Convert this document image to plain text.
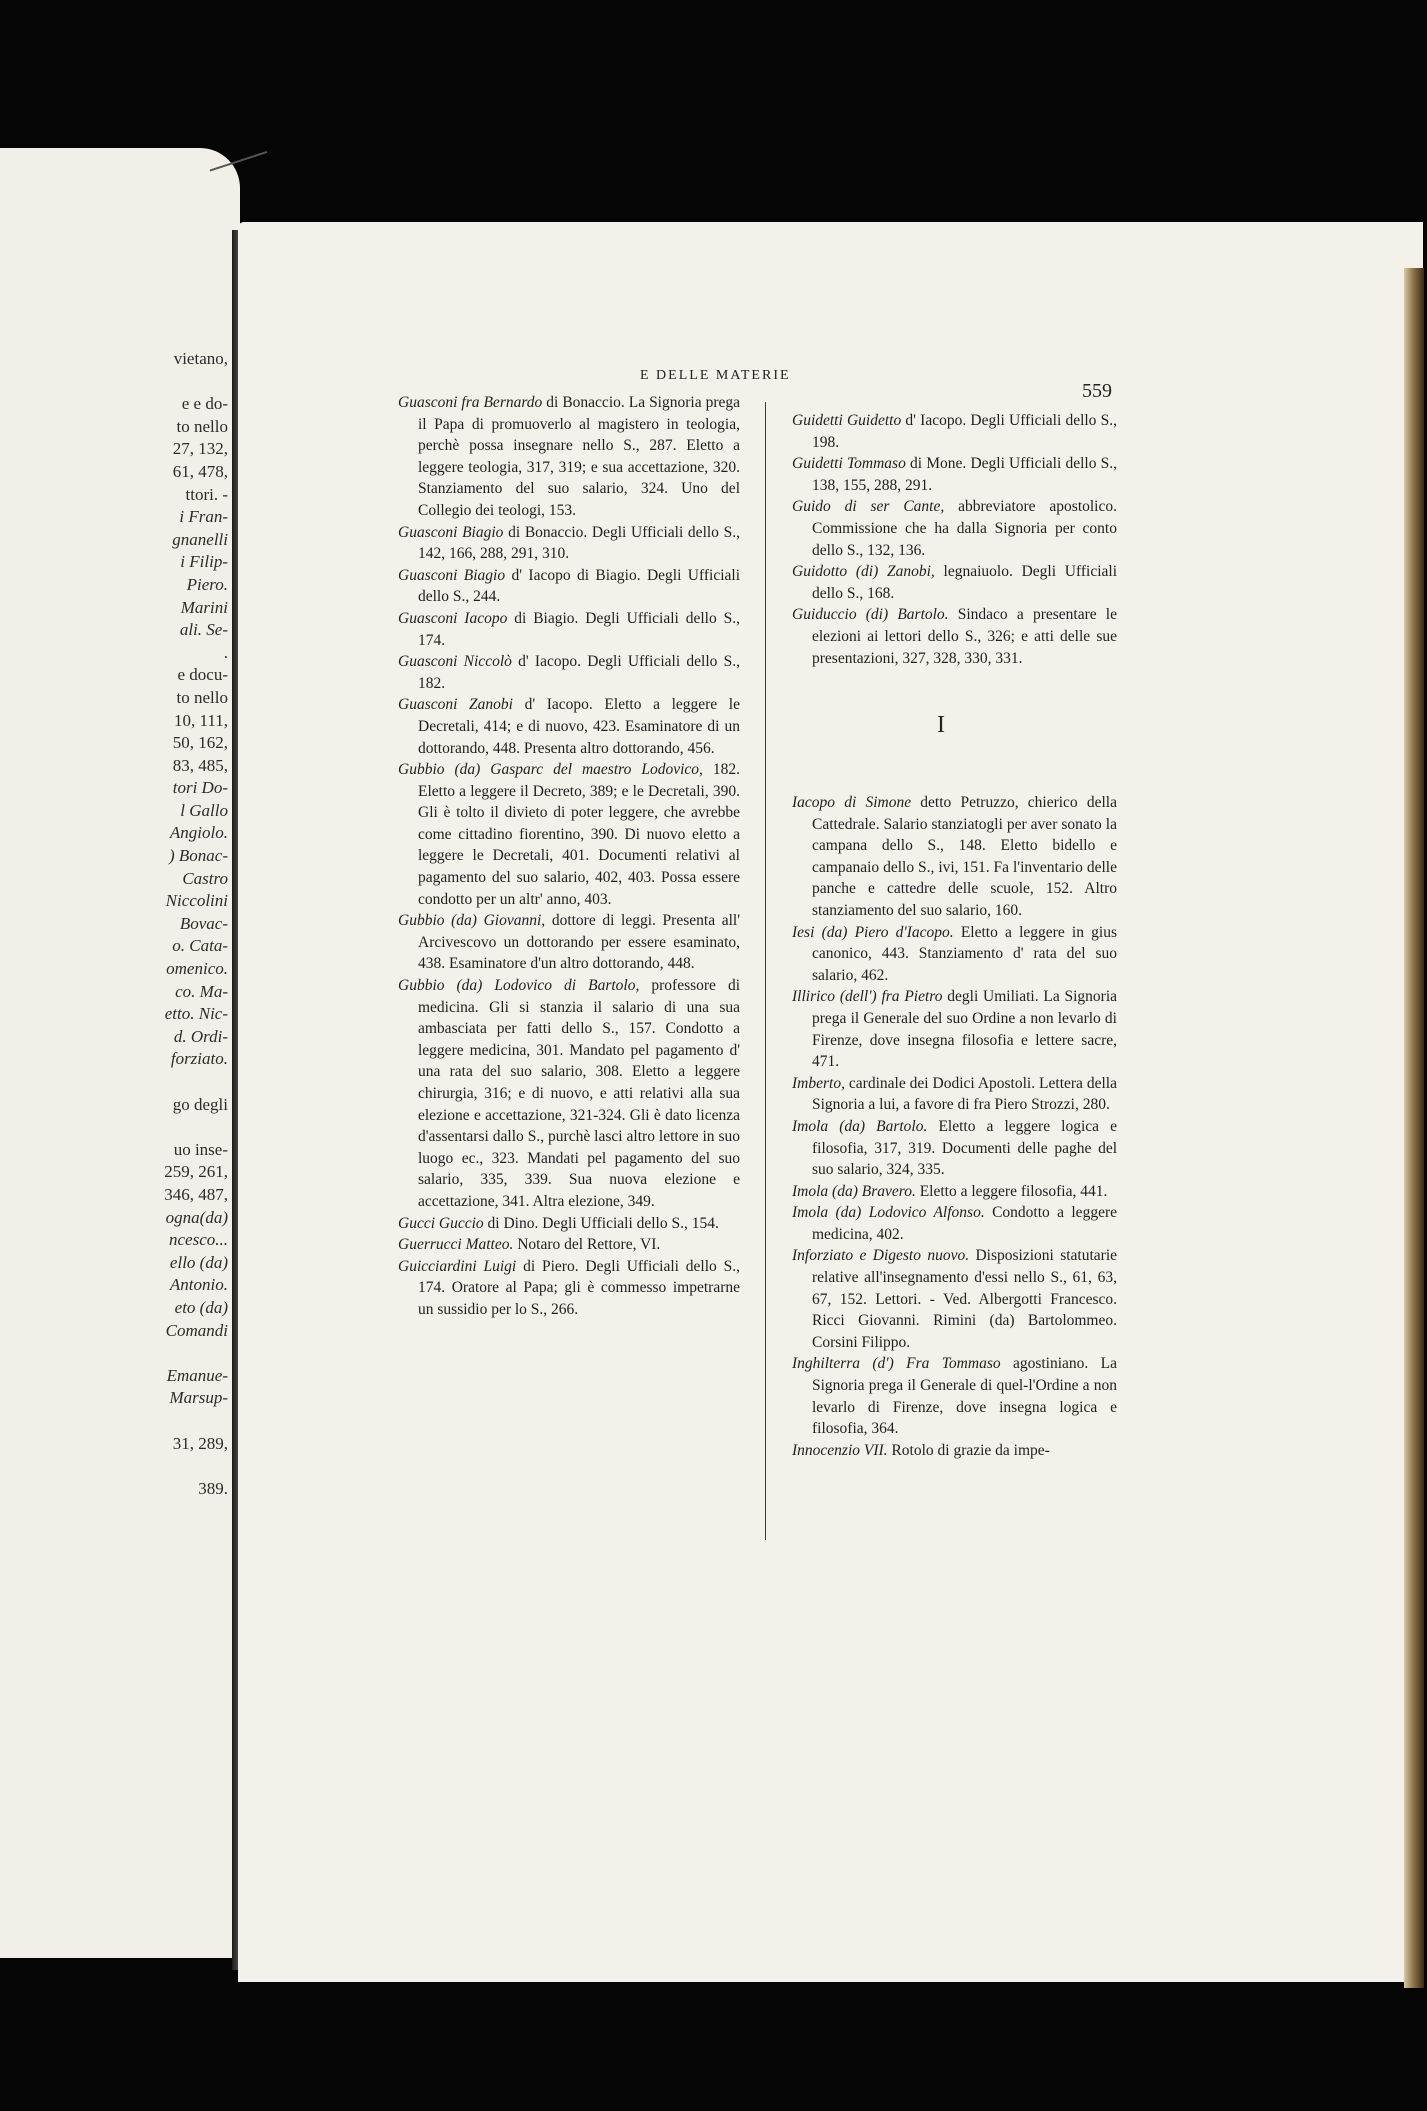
vietano,
e e do-
to nello
27, 132,
61, 478,
ttori. -
i Fran-
gnanelli
i Filip-
Piero.
Marini
ali. Se-
.
e docu-
to nello
10, 111,
50, 162,
83, 485,
tori Do-
l Gallo
Angiolo.
) Bonac-
Castro
Niccolini
Bovac-
o. Cata-
omenico.
co. Ma-
etto. Nic-
d. Ordi-
forziato.
go degli
uo inse-
259, 261,
346, 487,
ogna(da)
ncesco...
ello (da)
Antonio.
eto (da)
Comandi
Emanue-
Marsup-
31, 289,
389.
E DELLE MATERIE
559
Guasconi fra Bernardo di Bonaccio. La Signoria prega il Papa di promuoverlo al magistero in teologia, perchè possa insegnare nello S., 287. Eletto a leggere teologia, 317, 319; e sua accettazione, 320. Stanziamento del suo salario, 324. Uno del Collegio dei teologi, 153.
Guasconi Biagio di Bonaccio. Degli Ufficiali dello S., 142, 166, 288, 291, 310.
Guasconi Biagio d' Iacopo di Biagio. Degli Ufficiali dello S., 244.
Guasconi Iacopo di Biagio. Degli Ufficiali dello S., 174.
Guasconi Niccolò d' Iacopo. Degli Ufficiali dello S., 182.
Guasconi Zanobi d' Iacopo. Eletto a leggere le Decretali, 414; e di nuovo, 423. Esaminatore di un dottorando, 448. Presenta altro dottorando, 456.
Gubbio (da) Gasparc del maestro Lodovico, 182. Eletto a leggere il Decreto, 389; e le Decretali, 390. Gli è tolto il divieto di poter leggere, che avrebbe come cittadino fiorentino, 390. Di nuovo eletto a leggere le Decretali, 401. Documenti relativi al pagamento del suo salario, 402, 403. Possa essere condotto per un altr' anno, 403.
Gubbio (da) Giovanni, dottore di leggi. Presenta all' Arcivescovo un dottorando per essere esaminato, 438. Esaminatore d'un altro dottorando, 448.
Gubbio (da) Lodovico di Bartolo, professore di medicina. Gli si stanzia il salario di una sua ambasciata per fatti dello S., 157. Condotto a leggere medicina, 301. Mandato pel pagamento d' una rata del suo salario, 308. Eletto a leggere chirurgia, 316; e di nuovo, e atti relativi alla sua elezione e accettazione, 321-324. Gli è dato licenza d'assentarsi dallo S., purchè lasci altro lettore in suo luogo ec., 323. Mandati pel pagamento del suo salario, 335, 339. Sua nuova elezione e accettazione, 341. Altra elezione, 349.
Gucci Guccio di Dino. Degli Ufficiali dello S., 154.
Guerrucci Matteo. Notaro del Rettore, VI.
Guicciardini Luigi di Piero. Degli Ufficiali dello S., 174. Oratore al Papa; gli è commesso impetrarne un sussidio per lo S., 266.
Guidetti Guidetto d' Iacopo. Degli Ufficiali dello S., 198.
Guidetti Tommaso di Mone. Degli Ufficiali dello S., 138, 155, 288, 291.
Guido di ser Cante, abbreviatore apostolico. Commissione che ha dalla Signoria per conto dello S., 132, 136.
Guidotto (di) Zanobi, legnaiuolo. Degli Ufficiali dello S., 168.
Guiduccio (di) Bartolo. Sindaco a presentare le elezioni ai lettori dello S., 326; e atti delle sue presentazioni, 327, 328, 330, 331.
I
Iacopo di Simone detto Petruzzo, chierico della Cattedrale. Salario stanziatogli per aver sonato la campana dello S., 148. Eletto bidello e campanaio dello S., ivi, 151. Fa l'inventario delle panche e cattedre delle scuole, 152. Altro stanziamento del suo salario, 160.
Iesi (da) Piero d'Iacopo. Eletto a leggere in gius canonico, 443. Stanziamento d' rata del suo salario, 462.
Illirico (dell') fra Pietro degli Umiliati. La Signoria prega il Generale del suo Ordine a non levarlo di Firenze, dove insegna filosofia e lettere sacre, 471.
Imberto, cardinale dei Dodici Apostoli. Lettera della Signoria a lui, a favore di fra Piero Strozzi, 280.
Imola (da) Bartolo. Eletto a leggere logica e filosofia, 317, 319. Documenti delle paghe del suo salario, 324, 335.
Imola (da) Bravero. Eletto a leggere filosofia, 441.
Imola (da) Lodovico Alfonso. Condotto a leggere medicina, 402.
Inforziato e Digesto nuovo. Disposizioni statutarie relative all'insegnamento d'essi nello S., 61, 63, 67, 152. Lettori. - Ved. Albergotti Francesco. Ricci Giovanni. Rimini (da) Bartolommeo. Corsini Filippo.
Inghilterra (d') Fra Tommaso agostiniano. La Signoria prega il Generale di quel-l'Ordine a non levarlo di Firenze, dove insegna logica e filosofia, 364.
Innocenzio VII. Rotolo di grazie da impe-
